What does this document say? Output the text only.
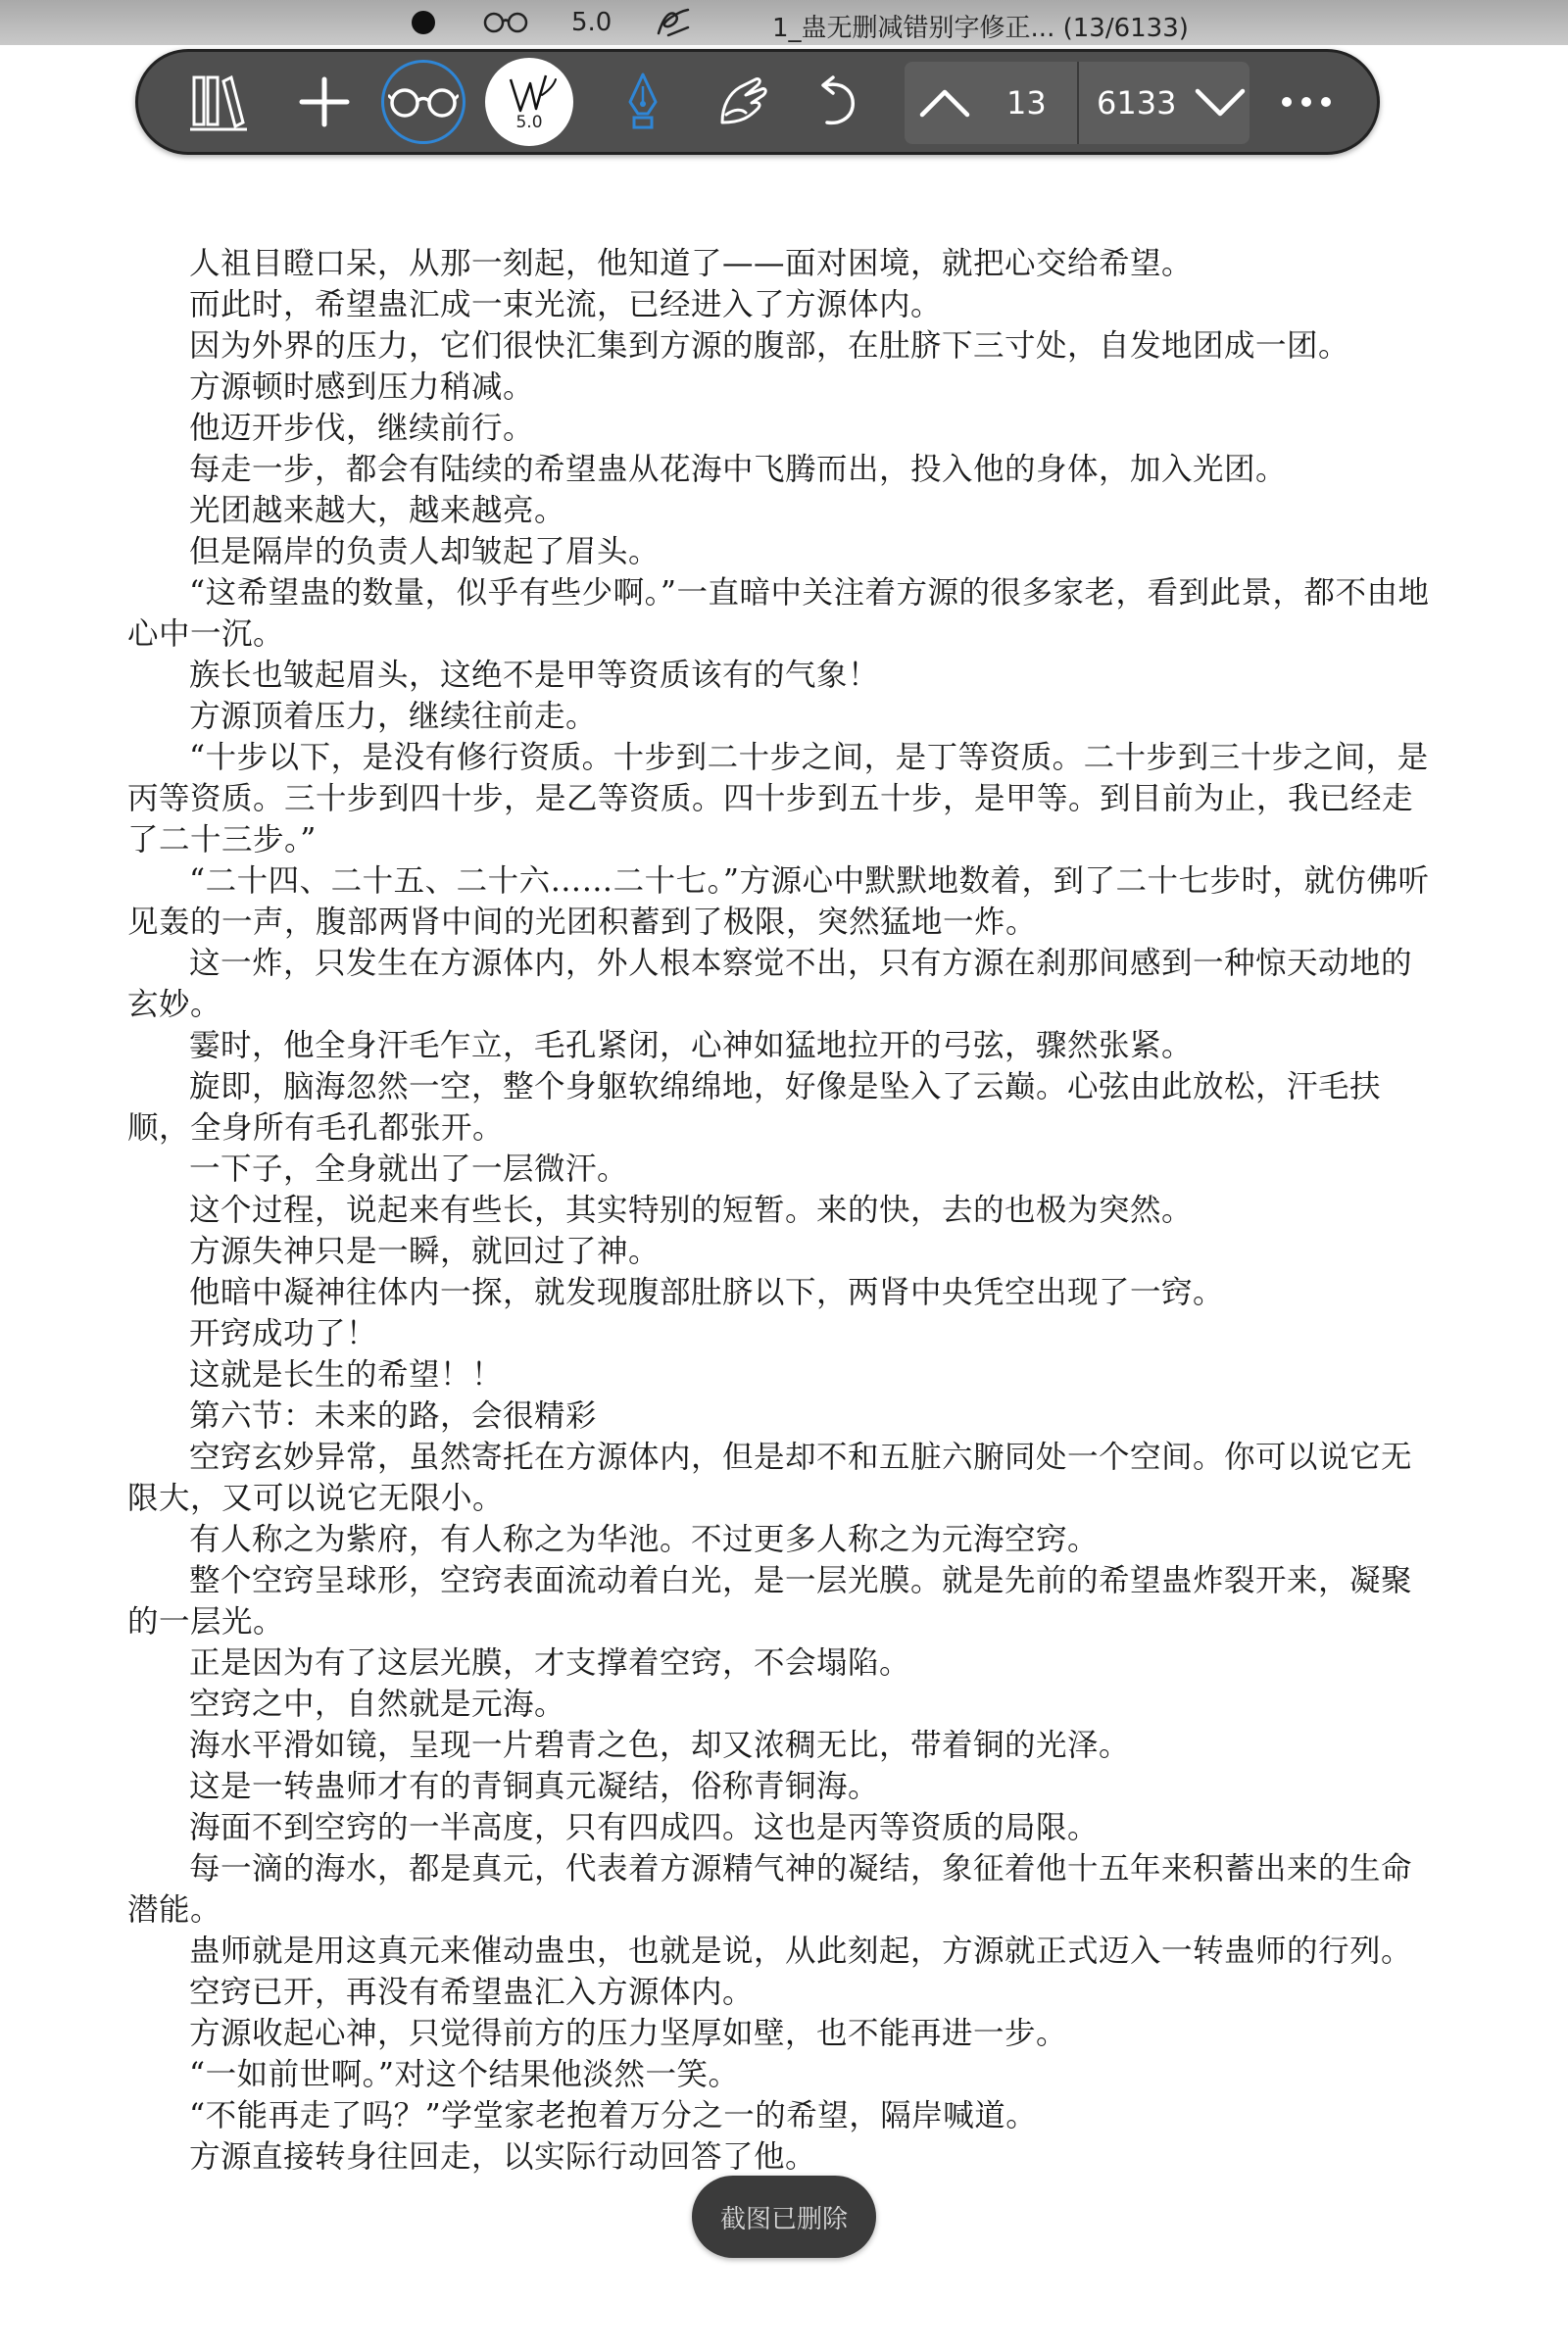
5.0	1_蛊无删减错别字修正... (13/6133)
5.0
13 6133

人祖目瞪口呆，从那一刻起，他知道了——面对困境，就把心交给希望。

而此时，希望蛊汇成一束光流，已经进入了方源体内。

因为外界的压力，它们很快汇集到方源的腹部，在肚脐下三寸处，自发地团成一团。

方源顿时感到压力稍减。

他迈开步伐，继续前行。

每走一步，都会有陆续的希望蛊从花海中飞腾而出，投入他的身体，加入光团。

光团越来越大，越来越亮。

但是隔岸的负责人却皱起了眉头。

“这希望蛊的数量，似乎有些少啊。”一直暗中关注着方源的很多家老，看到此景，都不由地心中一沉。

族长也皱起眉头，这绝不是甲等资质该有的气象！

方源顶着压力，继续往前走。

“十步以下，是没有修行资质。十步到二十步之间，是丁等资质。二十步到三十步之间，是丙等资质。三十步到四十步，是乙等资质。四十步到五十步，是甲等。到目前为止，我已经走了二十三步。”

“二十四、二十五、二十六……二十七。”方源心中默默地数着，到了二十七步时，就仿佛听见轰的一声，腹部两肾中间的光团积蓄到了极限，突然猛地一炸。

这一炸，只发生在方源体内，外人根本察觉不出，只有方源在刹那间感到一种惊天动地的玄妙。

霎时，他全身汗毛乍立，毛孔紧闭，心神如猛地拉开的弓弦，骤然张紧。

旋即，脑海忽然一空，整个身躯软绵绵地，好像是坠入了云巅。心弦由此放松，汗毛扶顺，全身所有毛孔都张开。

一下子，全身就出了一层微汗。

这个过程，说起来有些长，其实特别的短暂。来的快，去的也极为突然。

方源失神只是一瞬，就回过了神。

他暗中凝神往体内一探，就发现腹部肚脐以下，两肾中央凭空出现了一窍。

开窍成功了！

这就是长生的希望！！

第六节：未来的路，会很精彩

空窍玄妙异常，虽然寄托在方源体内，但是却不和五脏六腑同处一个空间。你可以说它无限大，又可以说它无限小。

有人称之为紫府，有人称之为华池。不过更多人称之为元海空窍。

整个空窍呈球形，空窍表面流动着白光，是一层光膜。就是先前的希望蛊炸裂开来，凝聚的一层光。

正是因为有了这层光膜，才支撑着空窍，不会塌陷。

空窍之中，自然就是元海。

海水平滑如镜，呈现一片碧青之色，却又浓稠无比，带着铜的光泽。

这是一转蛊师才有的青铜真元凝结，俗称青铜海。

海面不到空窍的一半高度，只有四成四。这也是丙等资质的局限。

每一滴的海水，都是真元，代表着方源精气神的凝结，象征着他十五年来积蓄出来的生命潜能。

蛊师就是用这真元来催动蛊虫，也就是说，从此刻起，方源就正式迈入一转蛊师的行列。

空窍已开，再没有希望蛊汇入方源体内。

方源收起心神，只觉得前方的压力坚厚如壁，也不能再进一步。

“一如前世啊。”对这个结果他淡然一笑。

“不能再走了吗？”学堂家老抱着万分之一的希望，隔岸喊道。

方源直接转身往回走，以实际行动回答了他。

截图已删除
